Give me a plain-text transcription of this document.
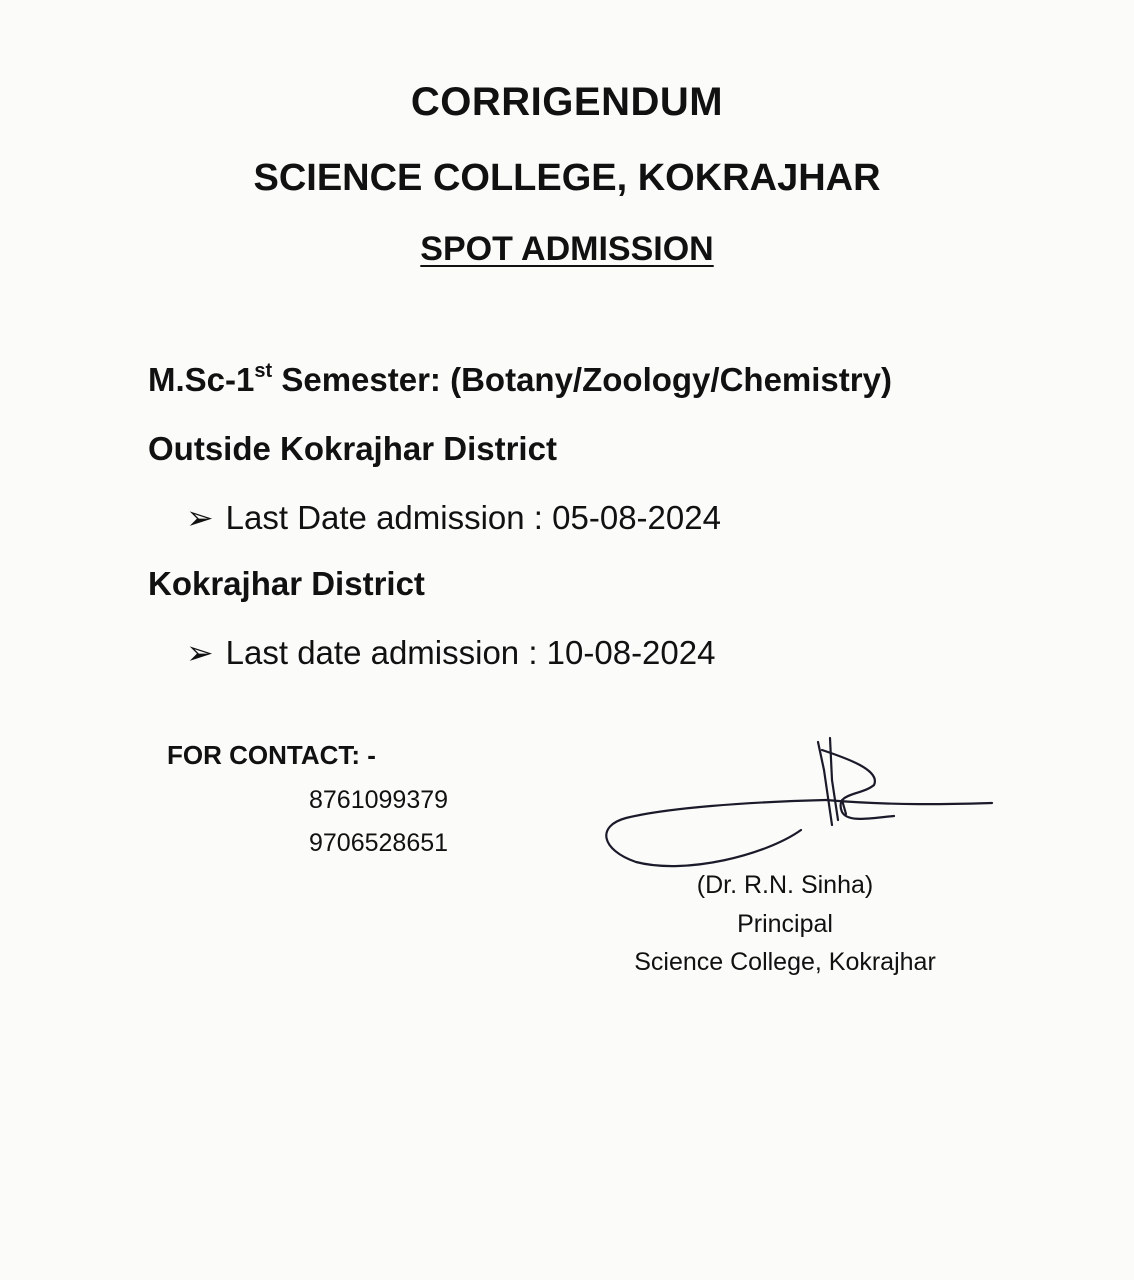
CORRIGENDUM
SCIENCE COLLEGE, KOKRAJHAR
SPOT ADMISSION

M.Sc-1st Semester: (Botany/Zoology/Chemistry)

Outside Kokrajhar District

➢ Last Date admission : 05-08-2024

Kokrajhar District

➢ Last date admission : 10-08-2024

FOR CONTACT: -

8761099379

9706528651

(Dr. R.N. Sinha)

Principal

Science College, Kokrajhar
